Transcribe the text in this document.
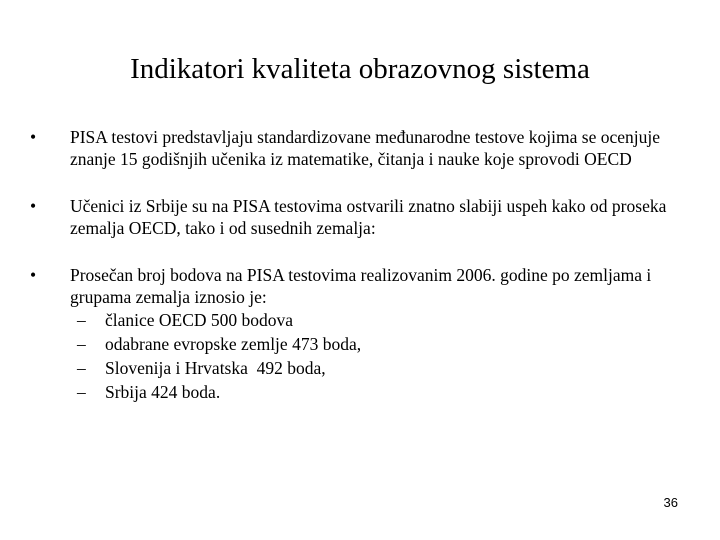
Indikatori kvaliteta obrazovnog sistema
•	PISA testovi predstavljaju standardizovane međunarodne testove kojima se ocenjuje znanje 15 godišnjih učenika iz matematike, čitanja i nauke koje sprovodi OECD
•	Učenici iz Srbije su na PISA testovima ostvarili znatno slabiji uspeh kako od proseka zemalja OECD, tako i od susednih zemalja:
•	Prosečan broj bodova na PISA testovima realizovanim 2006. godine po zemljama i grupama zemalja iznosio je:
– članice OECD 500 bodova
– odabrane evropske zemlje 473 boda,
– Slovenija i Hrvatska  492 boda,
– Srbija 424 boda.
36
